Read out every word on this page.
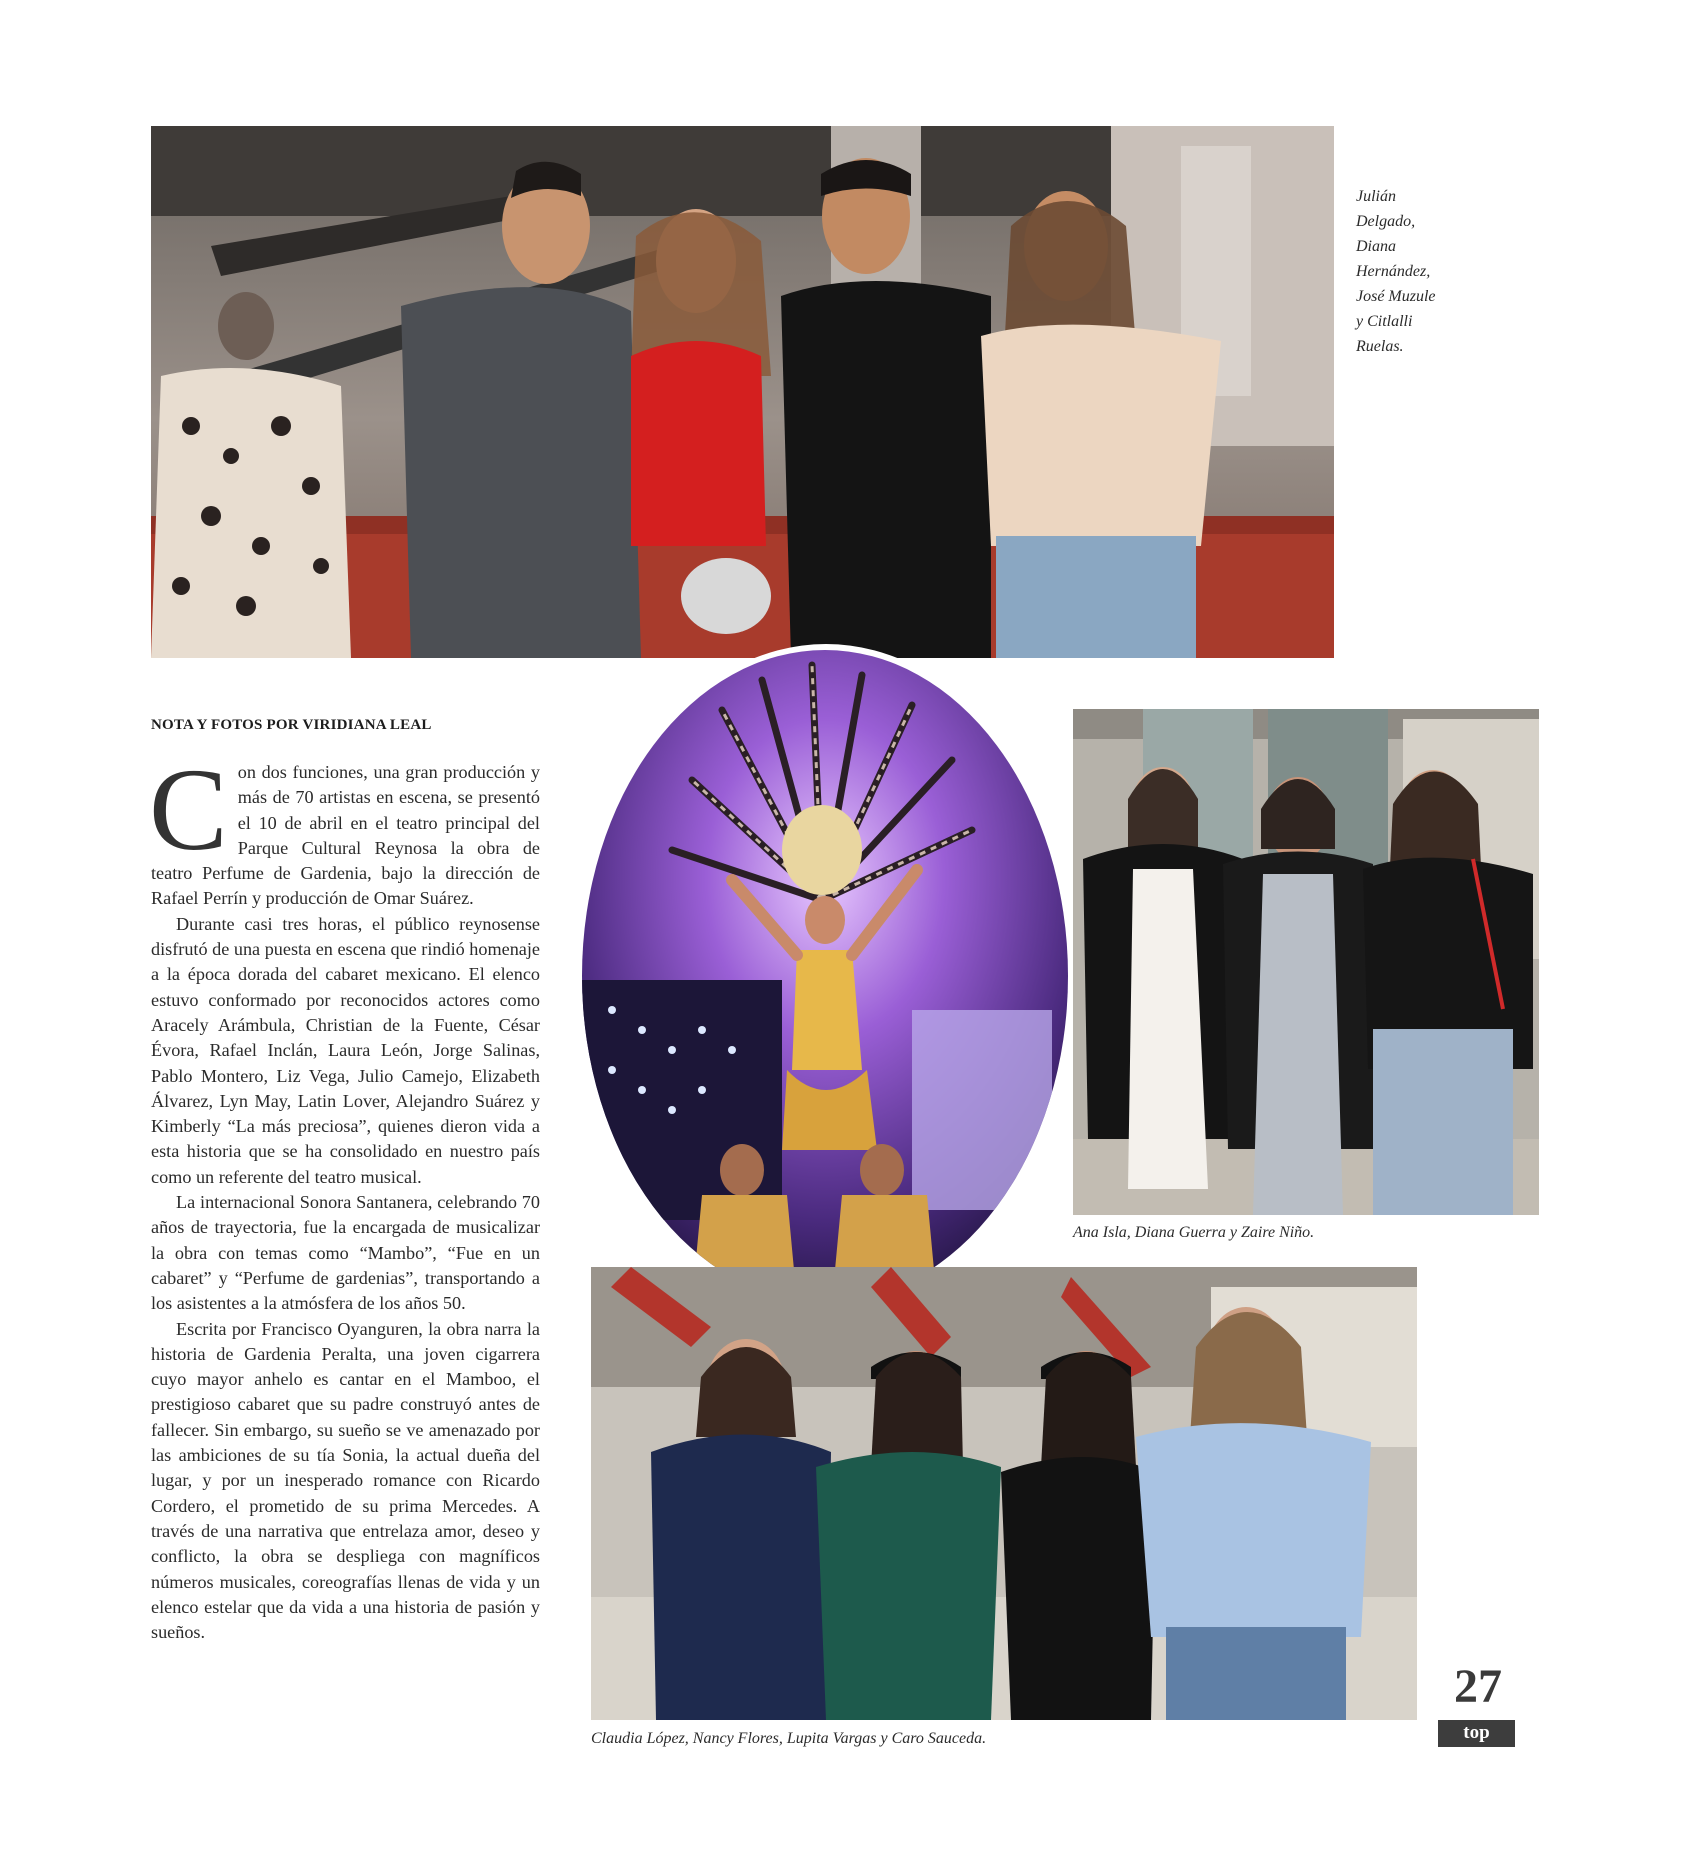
Julián
Delgado,
Diana
Hernández,
José Muzule
y Citlalli
Ruelas.

Ana Isla, Diana Guerra y Zaire Niño.

Claudia López, Nancy Flores, Lupita Vargas y Caro Sauceda.

NOTA Y FOTOS POR VIRIDIANA LEAL

Con dos funciones, una gran producción y más de 70 artistas en escena, se presentó el 10 de abril en el teatro principal del Parque Cultural Reynosa la obra de teatro Perfume de Gardenia, bajo la dirección de Rafael Perrín y producción de Omar Suárez.

Durante casi tres horas, el público reynosense disfrutó de una puesta en escena que rindió homenaje a la época dorada del cabaret mexicano. El elenco estuvo conformado por reconocidos actores como Aracely Arámbula, Christian de la Fuente, César Évora, Rafael Inclán, Laura León, Jorge Salinas, Pablo Montero, Liz Vega, Julio Camejo, Elizabeth Álvarez, Lyn May, Latin Lover, Alejandro Suárez y Kimberly “La más preciosa”, quienes dieron vida a esta historia que se ha consolidado en nuestro país como un referente del teatro musical.

La internacional Sonora Santanera, celebrando 70 años de trayectoria, fue la encargada de musicalizar la obra con temas como “Mambo”, “Fue en un cabaret” y “Perfume de gardenias”, transportando a los asistentes a la atmósfera de los años 50.

Escrita por Francisco Oyanguren, la obra narra la historia de Gardenia Peralta, una joven cigarrera cuyo mayor anhelo es cantar en el Mamboo, el prestigioso cabaret que su padre construyó antes de fallecer. Sin embargo, su sueño se ve amenazado por las ambiciones de su tía Sonia, la actual dueña del lugar, y por un inesperado romance con Ricardo Cordero, el prometido de su prima Mercedes. A través de una narrativa que entrelaza amor, deseo y conflicto, la obra se despliega con magníficos números musicales, coreografías llenas de vida y un elenco estelar que da vida a una historia de pasión y sueños.

27
top
